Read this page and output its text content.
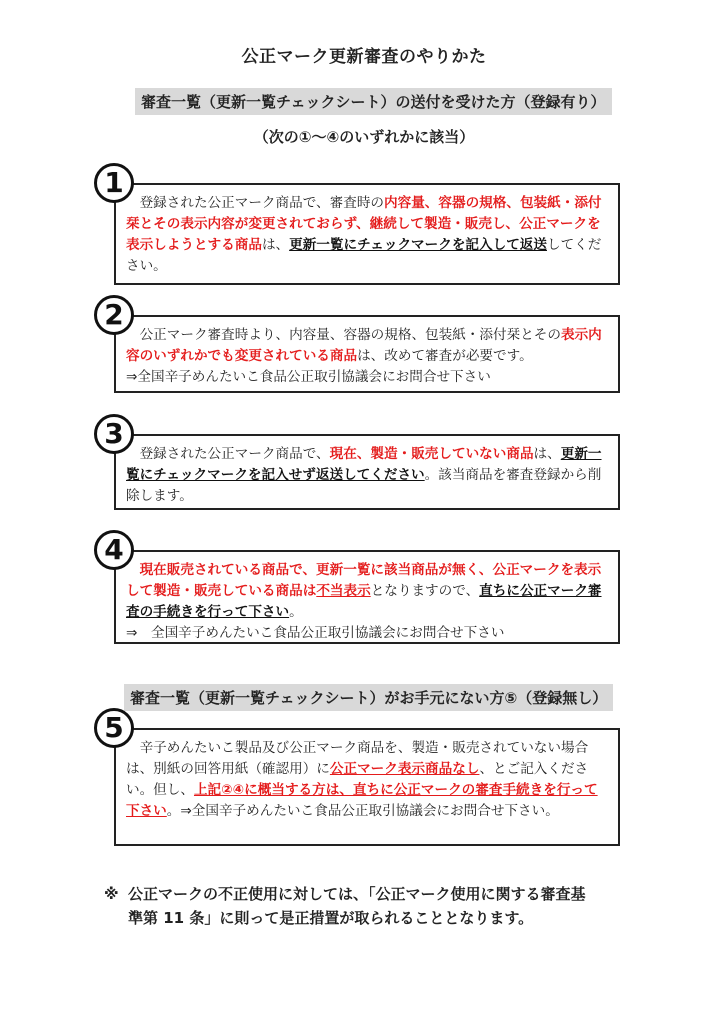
公正マーク更新審査のやりかた
審査一覧（更新一覧チェックシート）の送付を受けた方（登録有り）
（次の①～④のいずれかに該当）
　登録された公正マーク商品で、審査時の内容量、容器の規格、包装紙・添付栞とその表示内容が変更されておらず、継続して製造・販売し、公正マークを表示しようとする商品は、更新一覧にチェックマークを記入して返送してください。
1
　公正マーク審査時より、内容量、容器の規格、包装紙・添付栞とその表示内容のいずれかでも変更されている商品は、改めて審査が必要です。
⇒全国辛子めんたいこ食品公正取引協議会にお問合せ下さい
2
　登録された公正マーク商品で、現在、製造・販売していない商品は、更新一覧にチェックマークを記入せず返送してください。該当商品を審査登録から削除します。
3
　現在販売されている商品で、更新一覧に該当商品が無く、公正マークを表示して製造・販売している商品は不当表示となりますので、直ちに公正マーク審査の手続きを行って下さい。
⇒　全国辛子めんたいこ食品公正取引協議会にお問合せ下さい
4
審査一覧（更新一覧チェックシート）がお手元にない方⑤（登録無し）
　辛子めんたいこ製品及び公正マーク商品を、製造・販売されていない場合は、別紙の回答用紙（確認用）に公正マーク表示商品なし、とご記入ください。但し、上記②④に概当する方は、直ちに公正マークの審査手続きを行って下さい。⇒全国辛子めんたいこ食品公正取引協議会にお問合せ下さい。
5
※ 公正マークの不正使用に対しては、「公正マーク使用に関する審査基
準第 11 条」に則って是正措置が取られることとなります。
